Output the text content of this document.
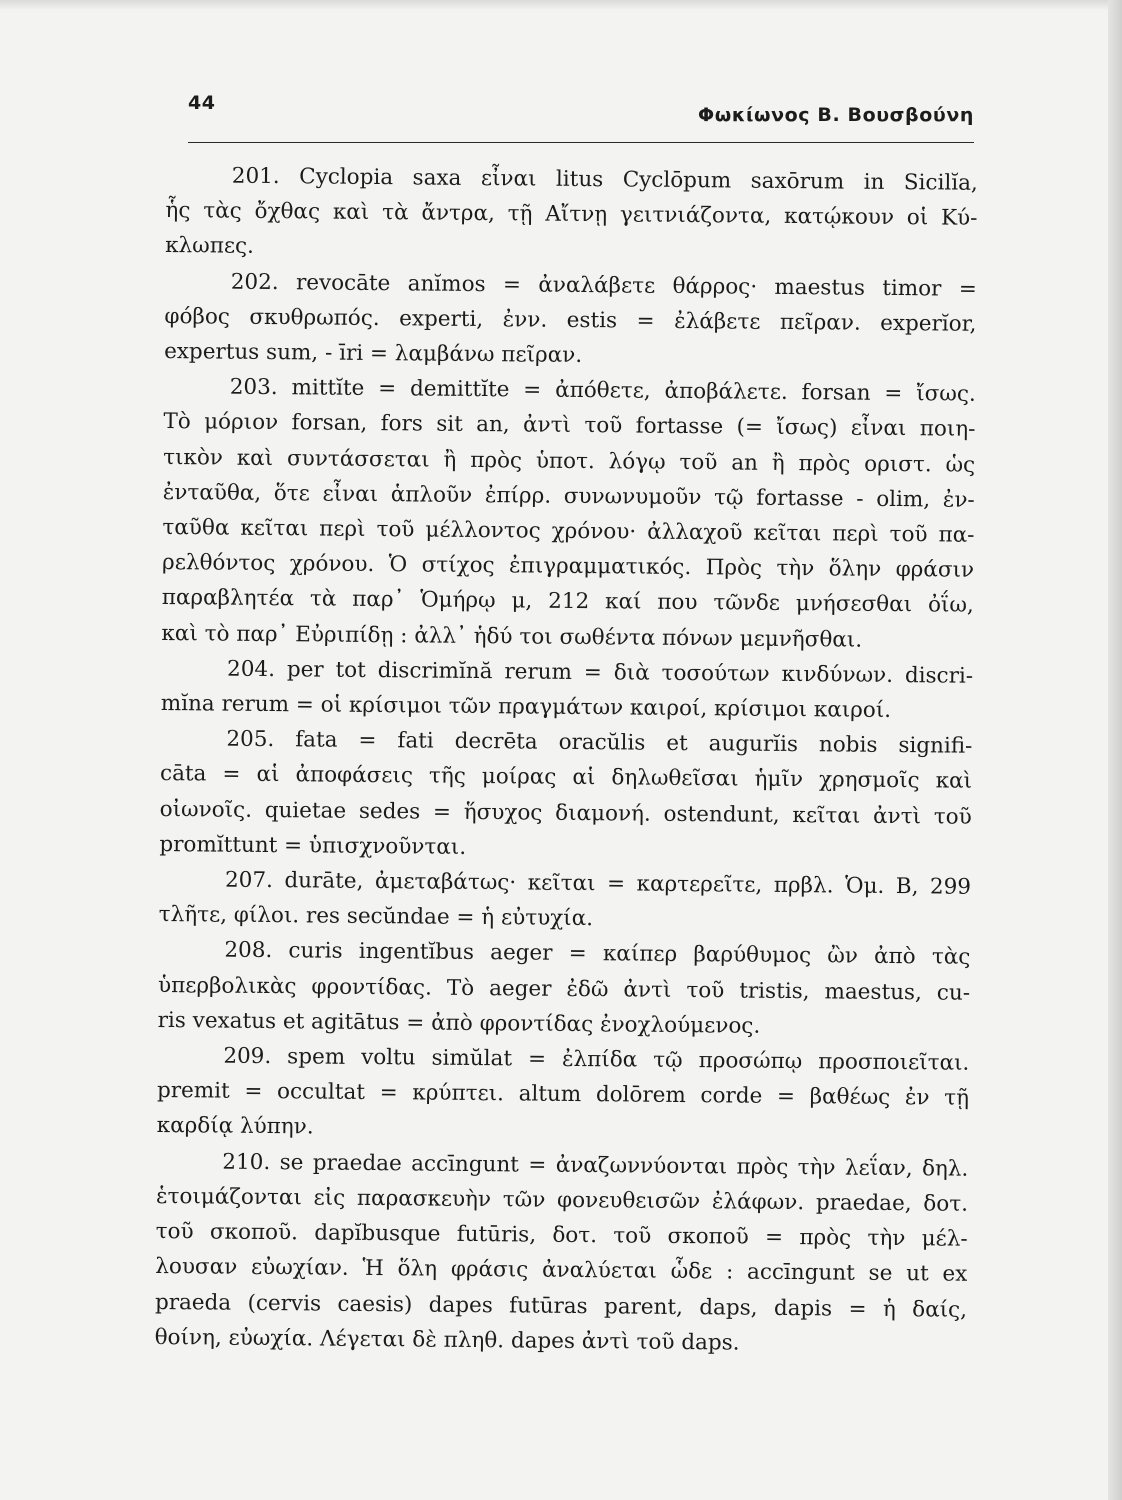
44
Φωκίωνος Β. Βουσβούνη
201. Cyclopia saxa εἶναι litus Cyclōpum saxōrum in Sicilĭa,
ἧς τὰς ὄχθας καὶ τὰ ἄντρα, τῇ Αἴτνῃ γειτνιάζοντα, κατῴκουν οἱ Κύ-
κλωπες.
202. revocāte anĭmos = ἀναλάβετε θάρρος· maestus timor =
φόβος σκυθρωπός. experti, ἐνν. estis = ἐλάβετε πεῖραν. experĭor,
expertus sum, - īri = λαμβάνω πεῖραν.
203. mittĭte = demittĭte = ἀπόθετε, ἀποβάλετε. forsan = ἴσως.
Τὸ μόριον forsan, fors sit an, ἀντὶ τοῦ fortasse (= ἴσως) εἶναι ποιη-
τικὸν καὶ συντάσσεται ἢ πρὸς ὑποτ. λόγῳ τοῦ an ἢ πρὸς οριστ. ὡς
ἐνταῦθα, ὅτε εἶναι ἁπλοῦν ἐπίρρ. συνωνυμοῦν τῷ fortasse - olim, ἐν-
ταῦθα κεῖται περὶ τοῦ μέλλοντος χρόνου· ἀλλαχοῦ κεῖται περὶ τοῦ πα-
ρελθόντος χρόνου. Ὁ στίχος ἐπιγραμματικός. Πρὸς τὴν ὅλην φράσιν
παραβλητέα τὰ παρ᾽ Ὁμήρῳ μ, 212 καί που τῶνδε μνήσεσθαι ὀΐω,
καὶ τὸ παρ᾽ Εὐριπίδῃ : ἀλλ᾽ ἡδύ τοι σωθέντα πόνων μεμνῆσθαι.
204. per tot discrimĭnă rerum = διὰ τοσούτων κινδύνων. discri-
mĭna rerum = οἱ κρίσιμοι τῶν πραγμάτων καιροί, κρίσιμοι καιροί.
205. fata = fati decrēta oracŭlis et augurĭis nobis signifi-
cāta = αἱ ἀποφάσεις τῆς μοίρας αἱ δηλωθεῖσαι ἡμῖν χρησμοῖς καὶ
οἰωνοῖς. quietae sedes = ἥσυχος διαμονή. ostendunt, κεῖται ἀντὶ τοῦ
promĭttunt = ὑπισχνοῦνται.
207. durāte, ἀμεταβάτως· κεῖται = καρτερεῖτε, πρβλ. Ὁμ. Β, 299
τλῆτε, φίλοι. res secŭndae = ἡ εὐτυχία.
208. curis ingentĭbus aeger = καίπερ βαρύθυμος ὢν ἀπὸ τὰς
ὑπερβολικὰς φροντίδας. Τὸ aeger ἐδῶ ἀντὶ τοῦ tristis, maestus, cu-
ris vexatus et agitātus = ἀπὸ φροντίδας ἐνοχλούμενος.
209. spem voltu simŭlat = ἐλπίδα τῷ προσώπῳ προσποιεῖται.
premit = occultat = κρύπτει. altum dolōrem corde = βαθέως ἐν τῇ
καρδίᾳ λύπην.
210. se praedae accīngunt = ἀναζωννύονται πρὸς τὴν λεΐαν, δηλ.
ἑτοιμάζονται εἰς παρασκευὴν τῶν φονευθεισῶν ἐλάφων. praedae, δοτ.
τοῦ σκοποῦ. dapĭbusque futūris, δοτ. τοῦ σκοποῦ = πρὸς τὴν μέλ-
λουσαν εὐωχίαν. Ἡ ὅλη φράσις ἀναλύεται ὧδε : accīngunt se ut ex
praeda (cervis caesis) dapes futūras parent, daps, dapis = ἡ δαίς,
θοίνη, εὐωχία. Λέγεται δὲ πληθ. dapes ἀντὶ τοῦ daps.
